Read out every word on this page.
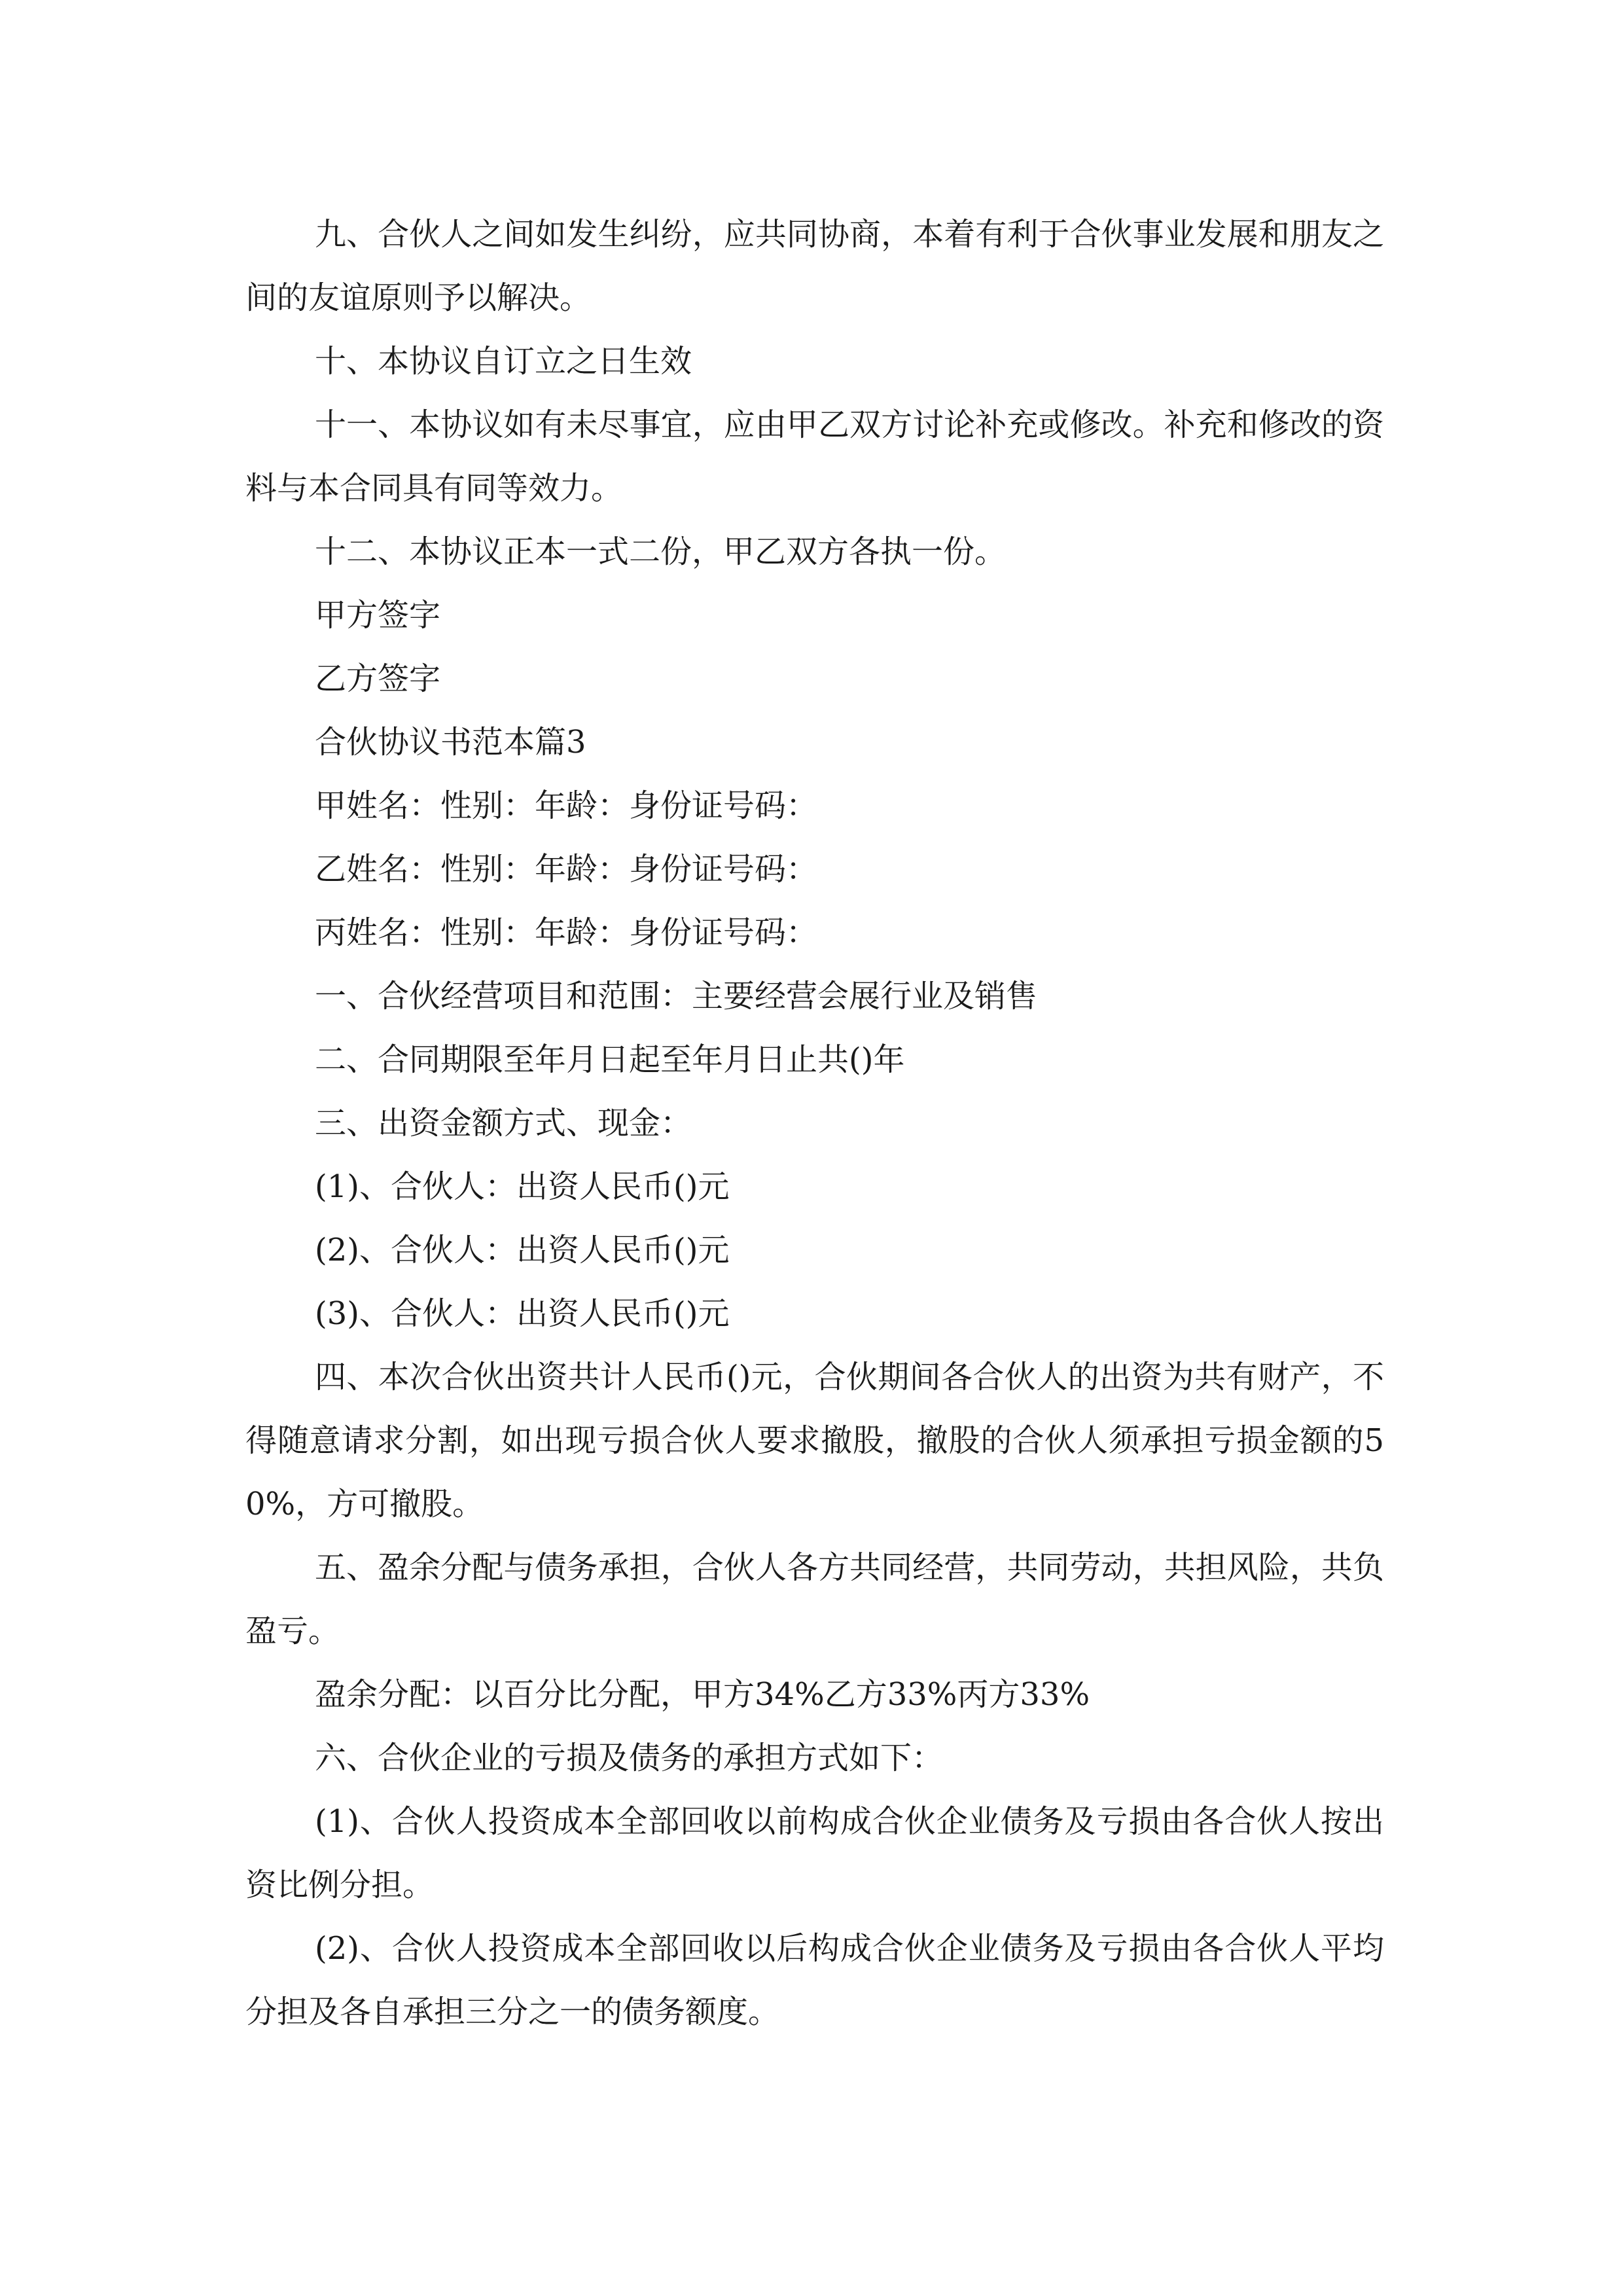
九、合伙人之间如发生纠纷，应共同协商，本着有利于合伙事业发展和朋友之间的友谊原则予以解决。

十、本协议自订立之日生效

十一、本协议如有未尽事宜，应由甲乙双方讨论补充或修改。补充和修改的资料与本合同具有同等效力。

十二、本协议正本一式二份，甲乙双方各执一份。

甲方签字

乙方签字

合伙协议书范本篇3

甲姓名：性别：年龄：身份证号码：

乙姓名：性别：年龄：身份证号码：

丙姓名：性别：年龄：身份证号码：

一、合伙经营项目和范围：主要经营会展行业及销售

二、合同期限至年月日起至年月日止共()年

三、出资金额方式、现金：

(1)、合伙人：出资人民币()元

(2)、合伙人：出资人民币()元

(3)、合伙人：出资人民币()元

四、本次合伙出资共计人民币()元，合伙期间各合伙人的出资为共有财产，不得随意请求分割，如出现亏损合伙人要求撤股，撤股的合伙人须承担亏损金额的50%，方可撤股。

五、盈余分配与债务承担，合伙人各方共同经营，共同劳动，共担风险，共负盈亏。

盈余分配：以百分比分配，甲方34%乙方33%丙方33%

六、合伙企业的亏损及债务的承担方式如下：

(1)、合伙人投资成本全部回收以前构成合伙企业债务及亏损由各合伙人按出资比例分担。

(2)、合伙人投资成本全部回收以后构成合伙企业债务及亏损由各合伙人平均分担及各自承担三分之一的债务额度。
